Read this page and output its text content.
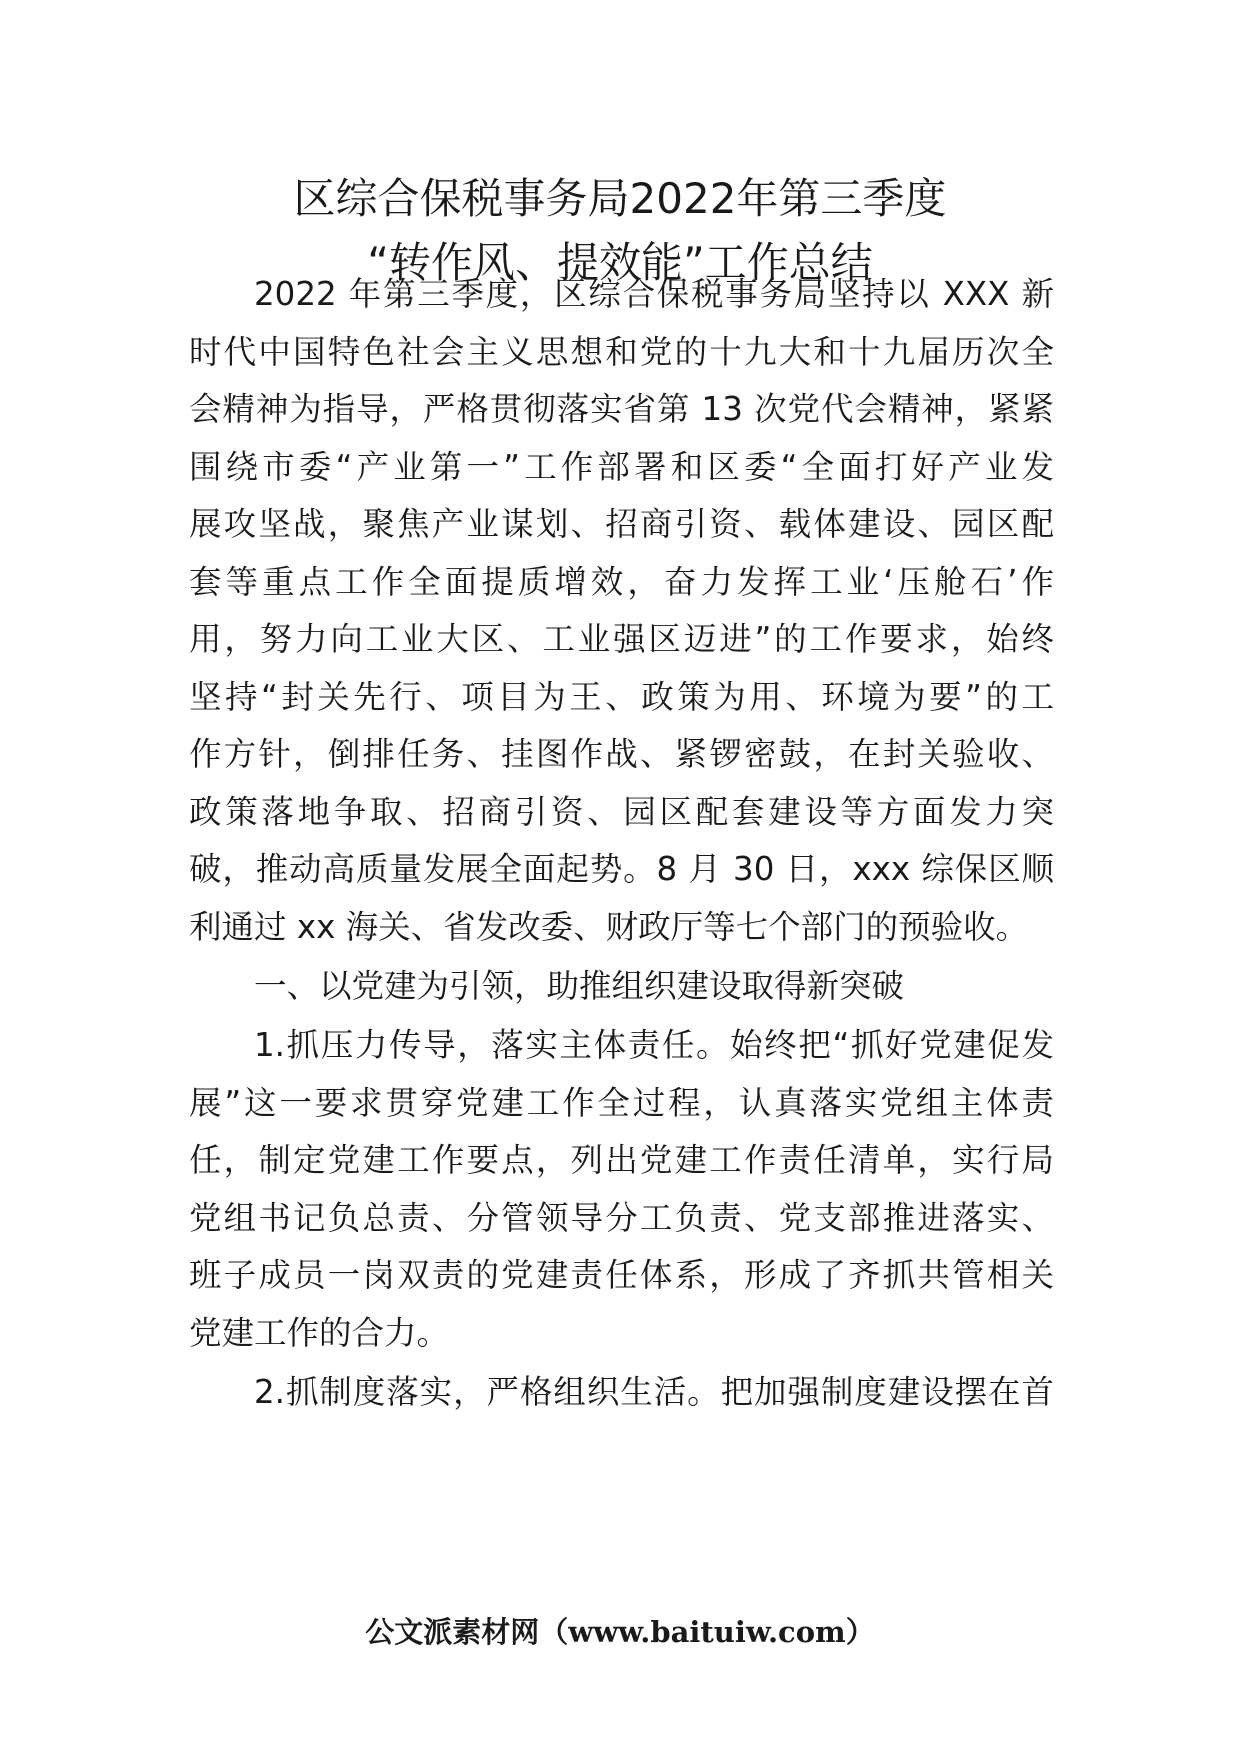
区综合保税事务局2022年第三季度
“转作风、提效能”工作总结
2022 年第三季度，区综合保税事务局坚持以 XXX 新
时代中国特色社会主义思想和党的十九大和十九届历次全
会精神为指导，严格贯彻落实省第 13 次党代会精神，紧紧
围绕市委“产业第一”工作部署和区委“全面打好产业发
展攻坚战，聚焦产业谋划、招商引资、载体建设、园区配
套等重点工作全面提质增效，奋力发挥工业‘压舱石’作
用，努力向工业大区、工业强区迈进”的工作要求，始终
坚持“封关先行、项目为王、政策为用、环境为要”的工
作方针，倒排任务、挂图作战、紧锣密鼓，在封关验收、
政策落地争取、招商引资、园区配套建设等方面发力突
破，推动高质量发展全面起势。8 月 30 日，xxx 综保区顺
利通过 xx 海关、省发改委、财政厅等七个部门的预验收。
一、以党建为引领，助推组织建设取得新突破
1.抓压力传导，落实主体责任。始终把“抓好党建促发
展”这一要求贯穿党建工作全过程，认真落实党组主体责
任，制定党建工作要点，列出党建工作责任清单，实行局
党组书记负总责、分管领导分工负责、党支部推进落实、
班子成员一岗双责的党建责任体系，形成了齐抓共管相关
党建工作的合力。
2.抓制度落实，严格组织生活。把加强制度建设摆在首
公文派素材网（www.baituiw.com）
